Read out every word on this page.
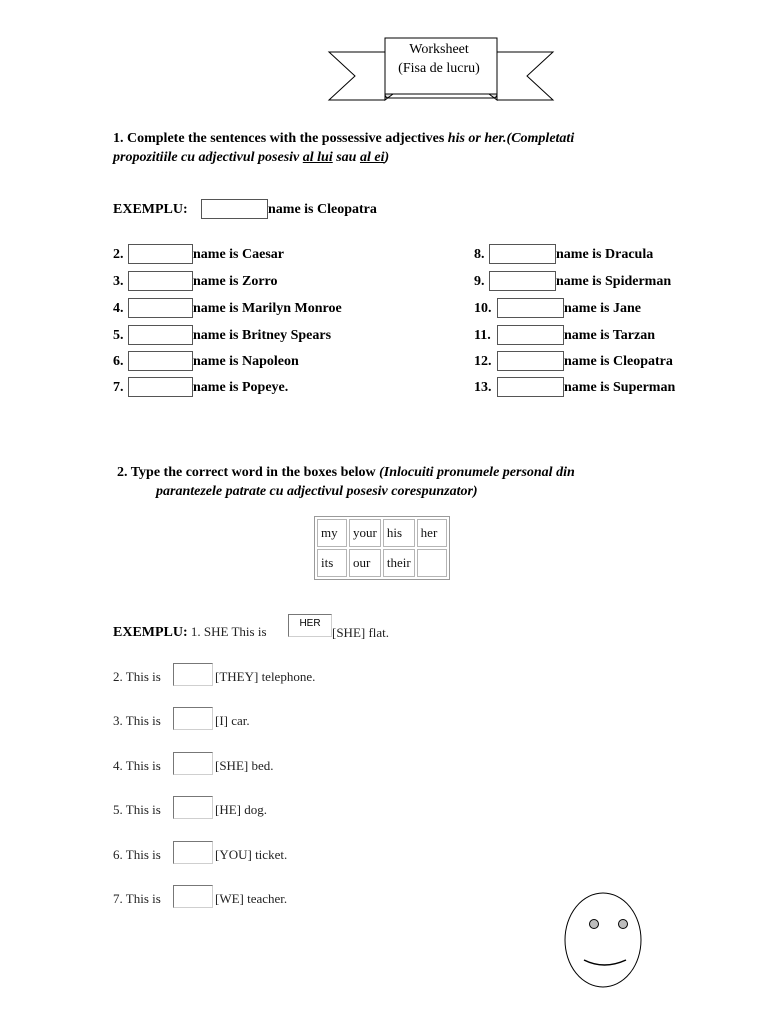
Worksheet
(Fisa de lucru)
1. Complete the sentences with the possessive adjectives his or her.(Completati
propozitiile cu adjectivul posesiv al lui sau al ei)
EXEMPLU:	name is Cleopatra
2.	name is Caesar
3.	name is Zorro
4.	name is Marilyn Monroe
5.	name is Britney Spears
6.	name is Napoleon
7.	name is Popeye.
8.	name is Dracula
9.	name is Spiderman
10.	name is Jane
11.	name is Tarzan
12.	name is Cleopatra
13.	name is Superman
2. Type the correct word in the boxes below (Inlocuiti pronumele personal din
parantezele patrate cu adjectivul posesiv corespunzator)
my	your	his	her
its	our	their	
EXEMPLU: 1. SHE This is
HER
[SHE] flat.
2. This is	[THEY] telephone.
3. This is	[I] car.
4. This is	[SHE] bed.
5. This is	[HE] dog.
6. This is	[YOU] ticket.
7. This is	[WE] teacher.
